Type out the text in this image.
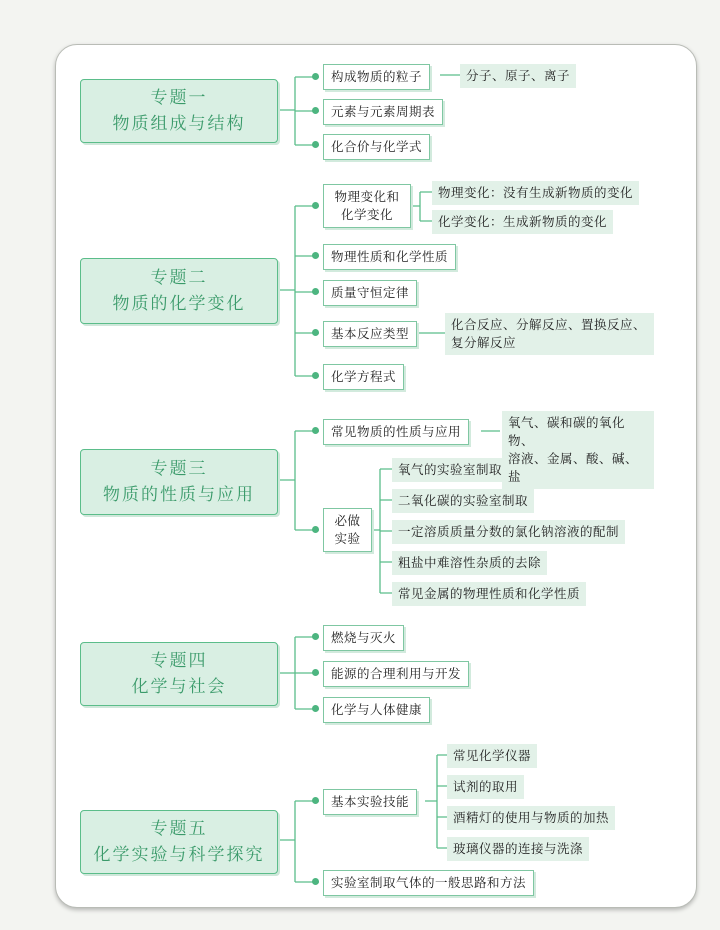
专题一
物质组成与结构
构成物质的粒子	分子、原子、离子
元素与元素周期表
化合价与化学式
专题二
物质的化学变化
物理变化和
化学变化
物理变化：没有生成新物质的变化
化学变化：生成新物质的变化
物理性质和化学性质
质量守恒定律
基本反应类型
化合反应、分解反应、置换反应、
复分解反应
化学方程式
专题三
物质的性质与应用
常见物质的性质与应用
氧气、碳和碳的氧化物、
溶液、金属、酸、碱、盐
必做
实验
氧气的实验室制取
二氧化碳的实验室制取
一定溶质质量分数的氯化钠溶液的配制
粗盐中难溶性杂质的去除
常见金属的物理性质和化学性质
专题四
化学与社会
燃烧与灭火
能源的合理利用与开发
化学与人体健康
专题五
化学实验与科学探究
基本实验技能
常见化学仪器
试剂的取用
酒精灯的使用与物质的加热
玻璃仪器的连接与洗涤
实验室制取气体的一般思路和方法
